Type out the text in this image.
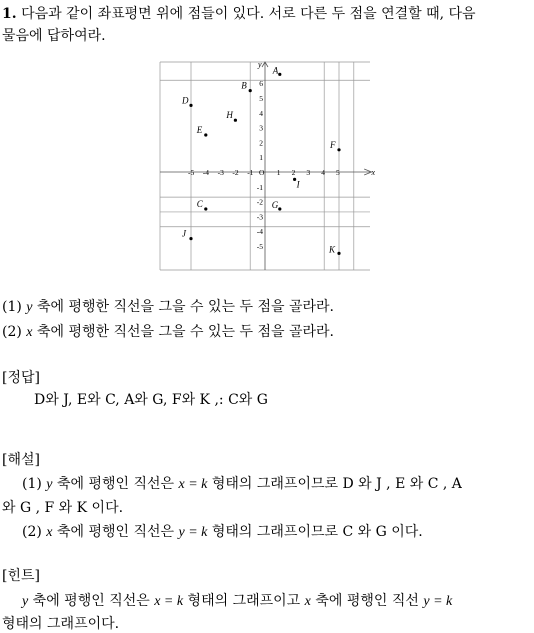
1. 다음과 같이 좌표평면 위에 점들이 있다. 서로 다른 두 점을 연결할 때, 다음
물음에 답하여라.
x
y
-5 -4 -3 -2 -1 O 1 2 3 4 5
6
5
4
3
2
1
-1
-2
-3
-4
-5
A
B
D
H
E
F
I
C	G
J
K
(1) y 축에 평행한 직선을 그을 수 있는 두 점을 골라라.
(2) x 축에 평행한 직선을 그을 수 있는 두 점을 골라라.
[정답]
D와 J, E와 C, A와 G, F와 K ,: C와 G
[해설]
(1) y 축에 평행인 직선은 x = k 형태의 그래프이므로 D 와 J , E 와 C , A
와 G , F 와 K 이다.
(2) x 축에 평행인 직선은 y = k 형태의 그래프이므로 C 와 G 이다.
[힌트]
y 축에 평행인 직선은 x = k 형태의 그래프이고 x 축에 평행인 직선 y = k
형태의 그래프이다.
